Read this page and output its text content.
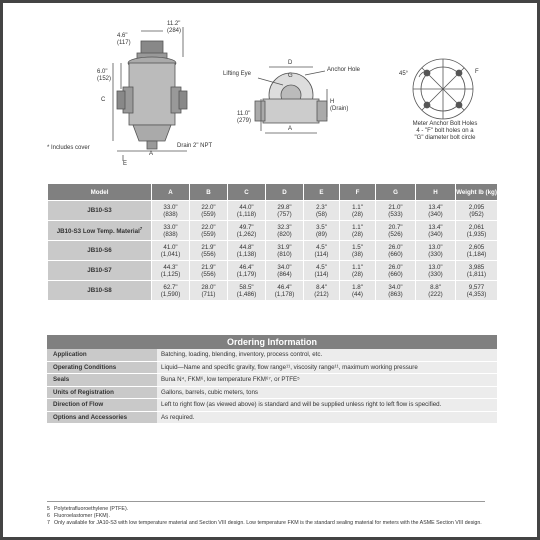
4.6"
(117)
11.2"
(284)
6.0"
(152)
C
A
E
* Includes cover	Drain 2" NPT
Lifting Eye
Anchor Hole
D
G
H
(Drain)
A
11.0"
(279)
45°	F
Meter Anchor Bolt Holes
4 - "F" bolt holes on a
"G" diameter bolt circle
Model	A	B	C	D	E	F	G	H	Weight lb (kg)
JB10-S3	33.0"
(838)	22.0"
(559)	44.0"
(1,118)	29.8"
(757)	2.3"
(58)	1.1"
(28)	21.0"
(533)	13.4"
(340)	2,095
(952)
JB10-S3 Low Temp. Material$^7$	33.0"
(838)	22.0"
(559)	49.7"
(1,262)	32.3"
(820)	3.5"
(89)	1.1"
(28)	20.7"
(526)	13.4"
(340)	2,061
(1,935)
JB10-S6	41.0"
(1,041)	21.9"
(556)	44.8"
(1,138)	31.9"
(810)	4.5"
(114)	1.5"
(38)	26.0"
(660)	13.0"
(330)	2,605
(1,184)
JB10-S7	44.3"
(1,125)	21.9"
(556)	46.4"
(1,179)	34.0"
(864)	4.5"
(114)	1.1"
(28)	26.0"
(660)	13.0"
(330)	3,985
(1,811)
JB10-S8	62.7"
(1,590)	28.0"
(711)	58.5"
(1,486)	46.4"
(1,178)	8.4"
(212)	1.8"
(44)	34.0"
(863)	8.8"
(222)	9,577
(4,353)
Ordering Information
Application	Batching, loading, blending, inventory, process control, etc.
Operating Conditions	Liquid—Name and specific gravity, flow range¹¹, viscosity range¹¹, maximum working pressure
Seals	Buna N⁴, FKM⁶, low temperature FKM⁶⁷, or PTFE⁵
Units of Registration	Gallons, barrels, cubic meters, tons
Direction of Flow	Left to right flow (as viewed above) is standard and will be supplied unless right to left flow is specified.
Options and Accessories	As required.
5 Polytetrafluoroethylene (PTFE).
6 Fluoroelastomer (FKM).
7 Only available for JA10-S3 with low temperature material and Section VIII design. Low temperature FKM is the standard sealing material for meters with the ASME Section VIII design.
